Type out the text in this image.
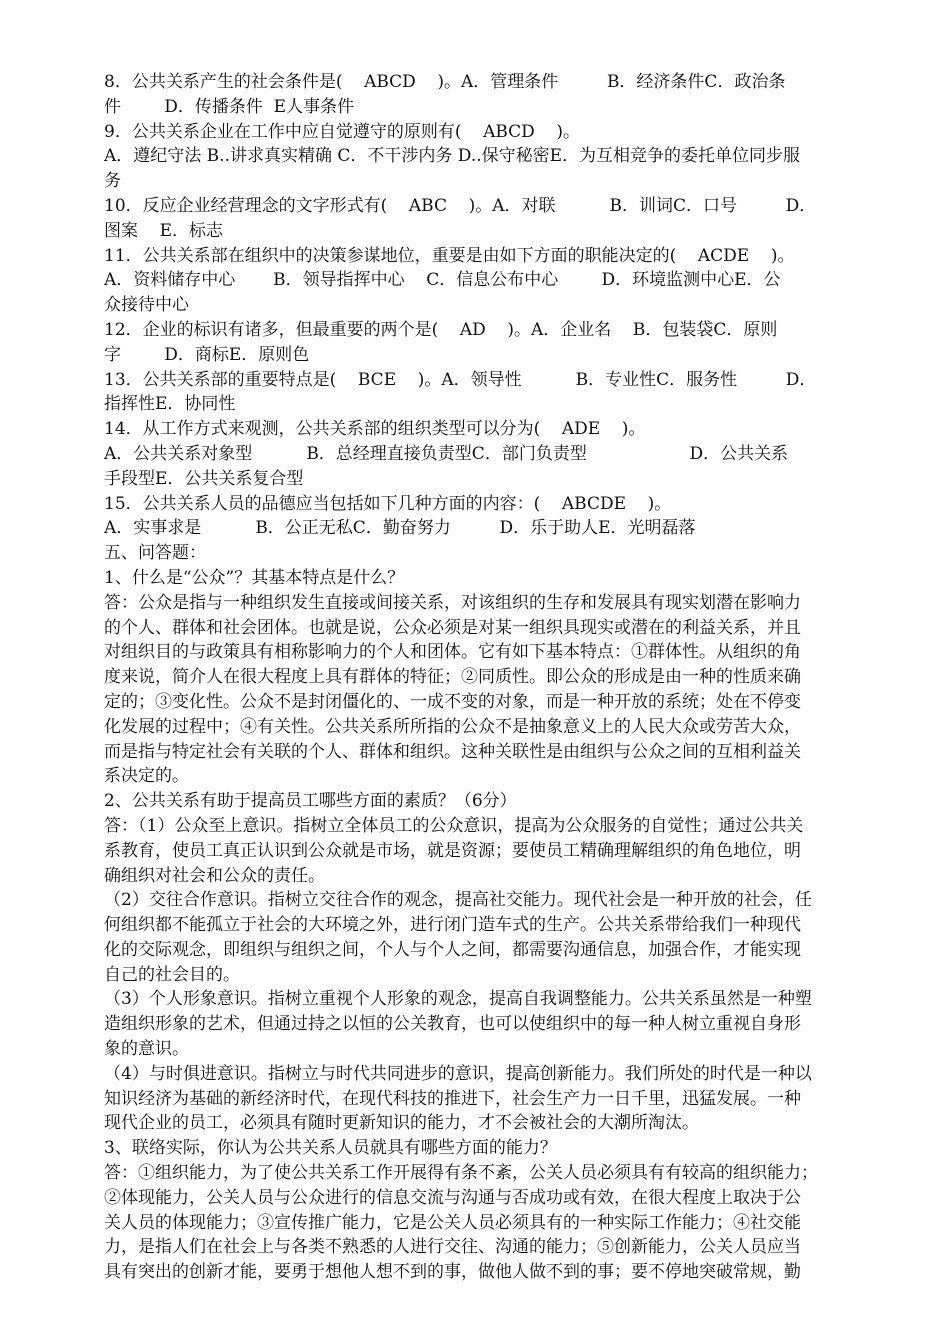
8．公共关系产生的社会条件是(    ABCD    )。A．管理条件         B．经济条件C．政治条

件        D．传播条件  E人事条件

9．公共关系企业在工作中应自觉遵守的原则有(    ABCD    )。

A．遵纪守法 B..讲求真实精确 C．不干涉内务 D..保守秘密E．为互相竞争的委托单位同步服

务

10．反应企业经营理念的文字形式有(    ABC    )。A．对联          B．训词C．口号         D．

图案    E．标志

11．公共关系部在组织中的决策参谋地位，重要是由如下方面的职能决定的(    ACDE    )。

A．资料储存中心       B．领导指挥中心    C．信息公布中心        D．环境监测中心E．公

众接待中心

12．企业的标识有诸多，但最重要的两个是(    AD    )。A．企业名    B．包装袋C．原则

字        D．商标E．原则色

13．公共关系部的重要特点是(    BCE    )。A．领导性          B．专业性C．服务性         D．

指挥性E．协同性

14．从工作方式来观测，公共关系部的组织类型可以分为(    ADE    )。

A．公共关系对象型          B．总经理直接负责型C．部门负责型                   D．公共关系

手段型E．公共关系复合型

15．公共关系人员的品德应当包括如下几种方面的内容：(    ABCDE    )。

A．实事求是          B．公正无私C．勤奋努力         D．乐于助人E．光明磊落

五、问答题：

1、什么是“公众”？其基本特点是什么？

答：公众是指与一种组织发生直接或间接关系，对该组织的生存和发展具有现实划潜在影响力

的个人、群体和社会团体。也就是说，公众必须是对某一组织具现实或潜在的利益关系，并且

对组织目的与政策具有相称影响力的个人和团体。它有如下基本特点：①群体性。从组织的角

度来说，简介人在很大程度上具有群体的特征；②同质性。即公众的形成是由一种的性质来确

定的；③变化性。公众不是封闭僵化的、一成不变的对象，而是一种开放的系统；处在不停变

化发展的过程中；④有关性。公共关系所所指的公众不是抽象意义上的人民大众或劳苦大众，

而是指与特定社会有关联的个人、群体和组织。这种关联性是由组织与公众之间的互相利益关

系决定的。

2、公共关系有助于提高员工哪些方面的素质？（6分）

答：（1）公众至上意识。指树立全体员工的公众意识，提高为公众服务的自觉性；通过公共关

系教育，使员工真正认识到公众就是市场，就是资源；要使员工精确理解组织的角色地位，明

确组织对社会和公众的责任。

（2）交往合作意识。指树立交往合作的观念，提高社交能力。现代社会是一种开放的社会，任

何组织都不能孤立于社会的大环境之外，进行闭门造车式的生产。公共关系带给我们一种现代

化的交际观念，即组织与组织之间，个人与个人之间，都需要沟通信息，加强合作，才能实现

自己的社会目的。

（3）个人形象意识。指树立重视个人形象的观念，提高自我调整能力。公共关系虽然是一种塑

造组织形象的艺术，但通过持之以恒的公关教育，也可以使组织中的每一种人树立重视自身形

象的意识。

（4）与时俱进意识。指树立与时代共同进步的意识，提高创新能力。我们所处的时代是一种以

知识经济为基础的新经济时代，在现代科技的推进下，社会生产力一日千里，迅猛发展。一种

现代企业的员工，必须具有随时更新知识的能力，才不会被社会的大潮所淘汰。

3、联络实际，你认为公共关系人员就具有哪些方面的能力？

答：①组织能力，为了使公共关系工作开展得有条不紊，公关人员必须具有有较高的组织能力；

②体现能力，公关人员与公众进行的信息交流与沟通与否成功或有效，在很大程度上取决于公

关人员的体现能力；③宣传推广能力，它是公关人员必须具有的一种实际工作能力；④社交能

力，是指人们在社会上与各类不熟悉的人进行交往、沟通的能力；⑤创新能力，公关人员应当

具有突出的创新才能，要勇于想他人想不到的事，做他人做不到的事；要不停地突破常规，勤
